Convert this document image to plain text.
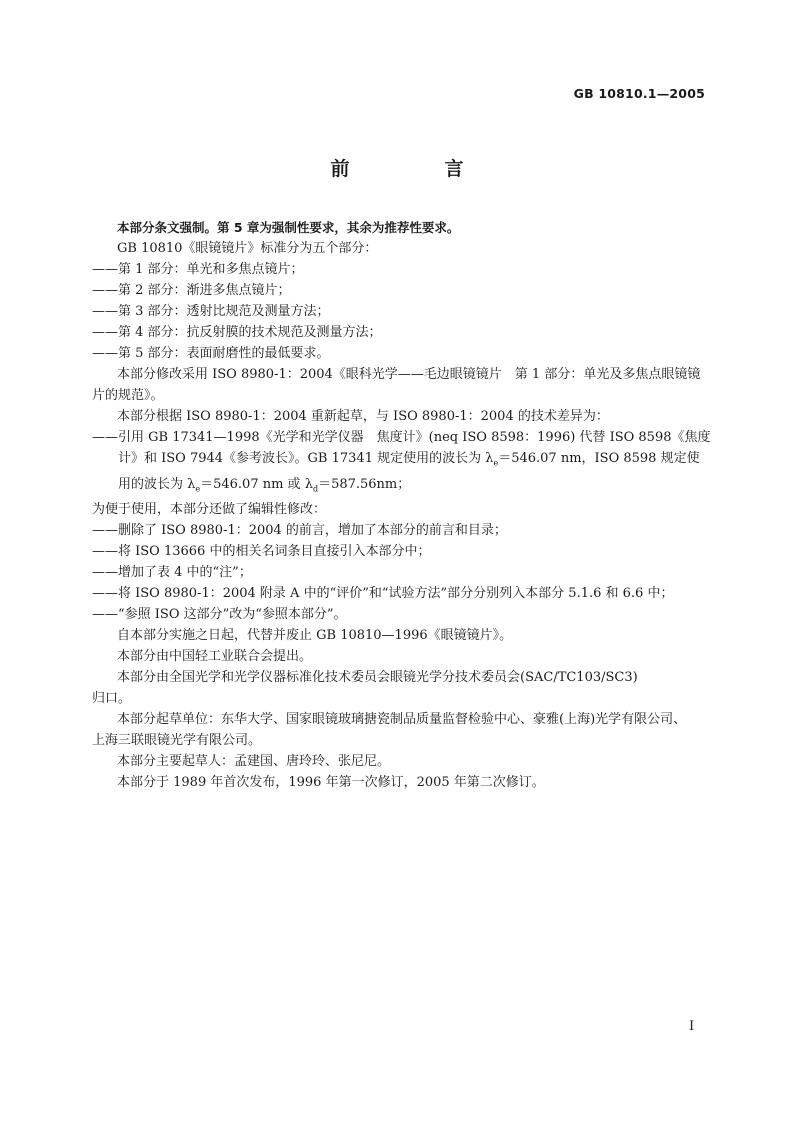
GB 10810.1—2005
前　言

本部分条文强制。第 5 章为强制性要求，其余为推荐性要求。

GB 10810《眼镜镜片》标准分为五个部分：

——第 1 部分：单光和多焦点镜片；

——第 2 部分：渐进多焦点镜片；

——第 3 部分：透射比规范及测量方法；

——第 4 部分：抗反射膜的技术规范及测量方法；

——第 5 部分：表面耐磨性的最低要求。

本部分修改采用 ISO 8980-1：2004《眼科光学——毛边眼镜镜片　第 1 部分：单光及多焦点眼镜镜

片的规范》。

本部分根据 ISO 8980-1：2004 重新起草，与 ISO 8980-1：2004 的技术差异为：

——引用 GB 17341—1998《光学和光学仪器　焦度计》(neq ISO 8598：1996) 代替 ISO 8598《焦度

计》和 ISO 7944《参考波长》。GB 17341 规定使用的波长为 $\lambda_e=546.07$ nm，ISO 8598 规定使

用的波长为 $\lambda_e=546.07$ nm 或 $\lambda_d=587.56nm$；

为便于使用，本部分还做了编辑性修改：

——删除了 ISO 8980-1：2004 的前言，增加了本部分的前言和目录；

——将 ISO 13666 中的相关名词条目直接引入本部分中；

——增加了表 4 中的“注”；

——将 ISO 8980-1：2004 附录 A 中的“评价”和“试验方法”部分分别列入本部分 5.1.6 和 6.6 中；

——“参照 ISO 这部分”改为“参照本部分”。

自本部分实施之日起，代替并废止 GB 10810—1996《眼镜镜片》。

本部分由中国轻工业联合会提出。

本部分由全国光学和光学仪器标准化技术委员会眼镜光学分技术委员会(SAC/TC103/SC3)

归口。

本部分起草单位：东华大学、国家眼镜玻璃搪瓷制品质量监督检验中心、豪雅(上海)光学有限公司、

上海三联眼镜光学有限公司。

本部分主要起草人：孟建国、唐玲玲、张尼尼。

本部分于 1989 年首次发布，1996 年第一次修订，2005 年第二次修订。

I
